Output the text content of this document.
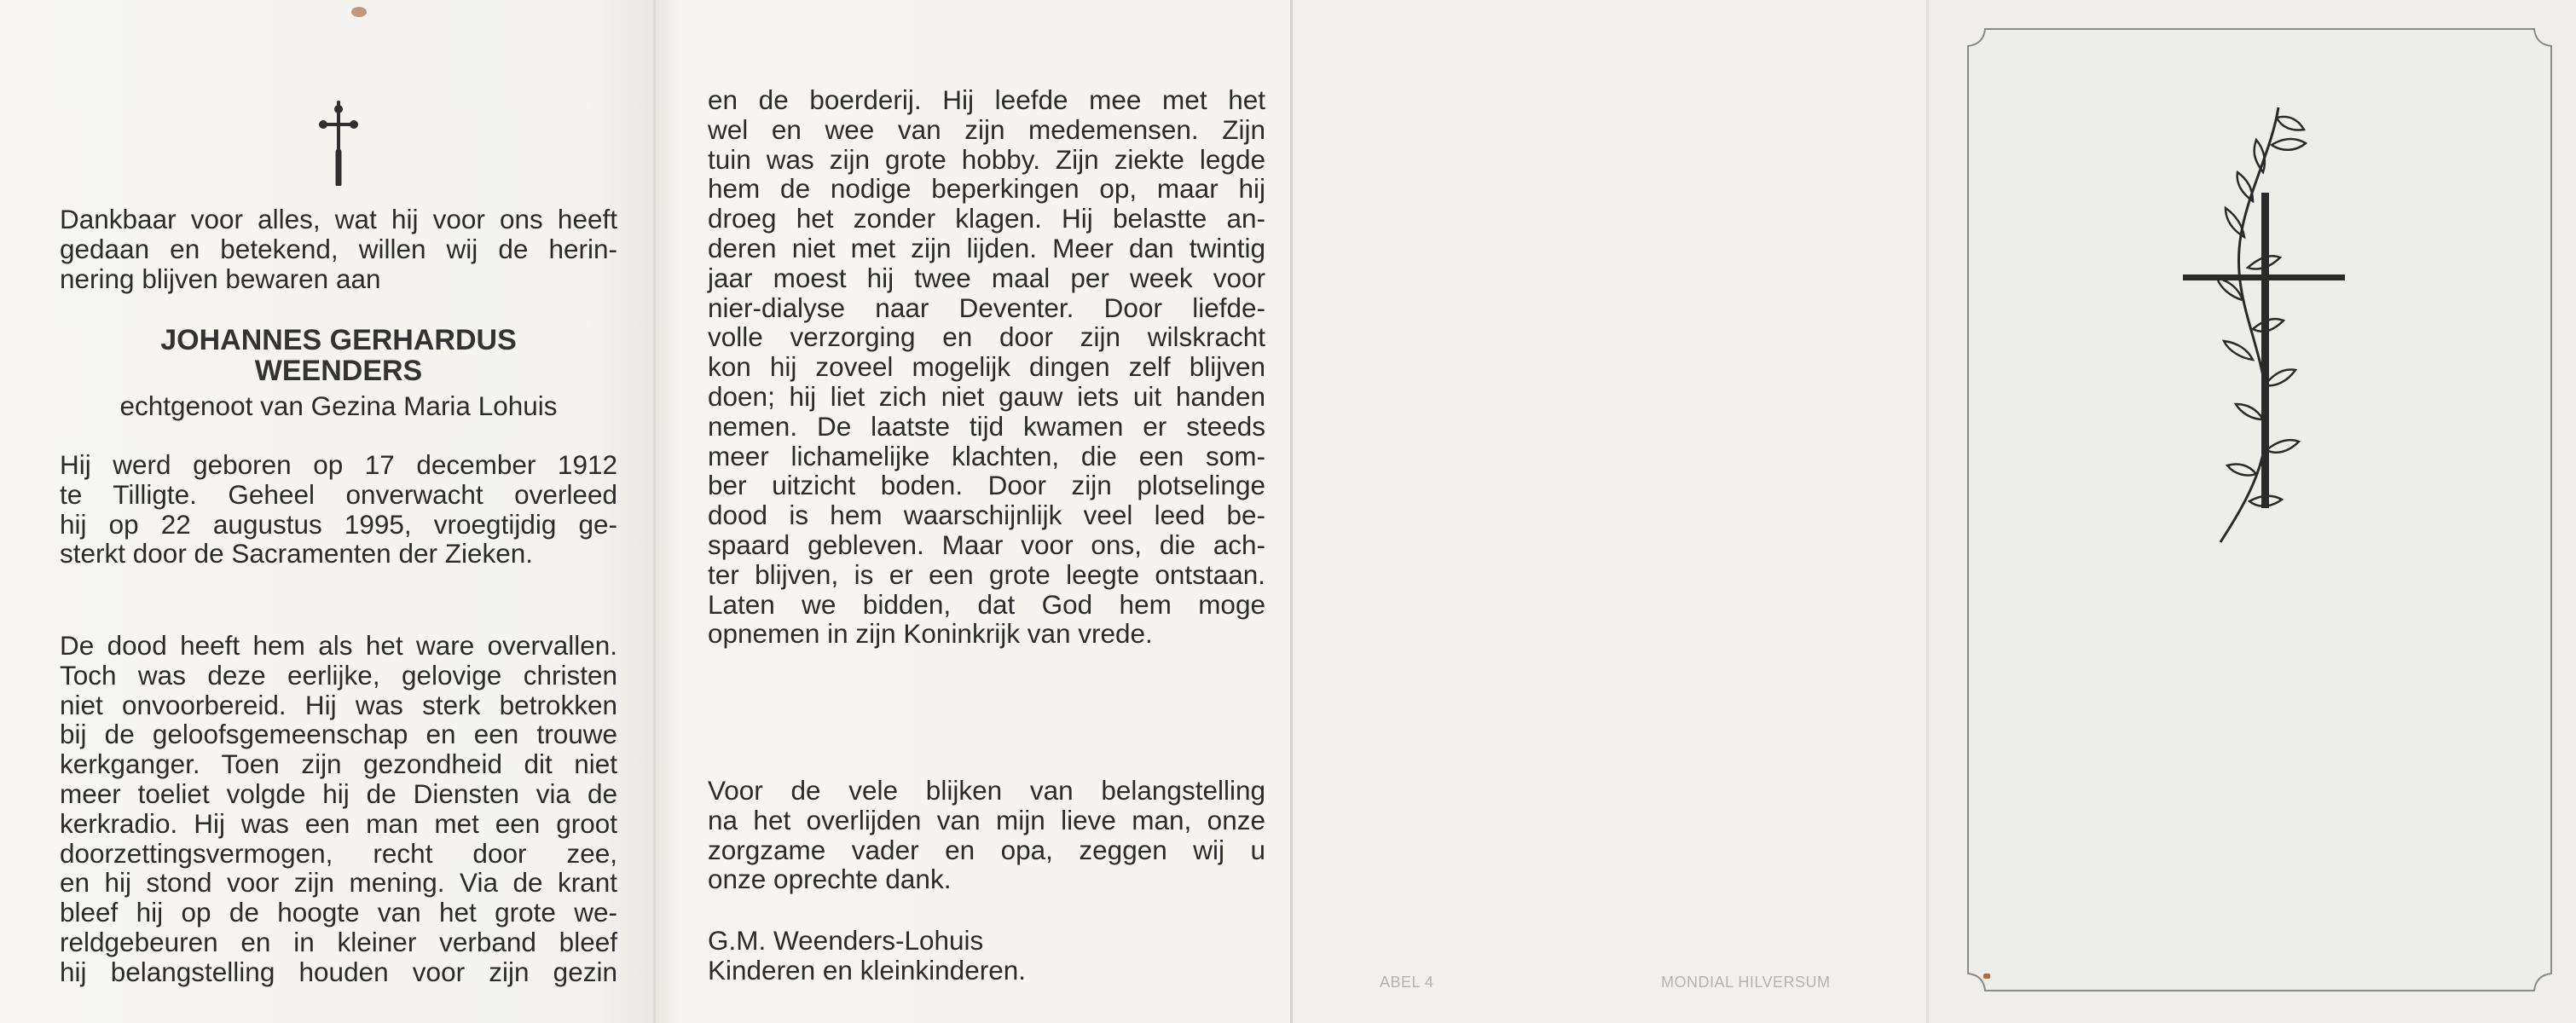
Dankbaar voor alles, wat hij voor ons heeft
gedaan en betekend, willen wij de herin-
nering blijven bewaren aan
JOHANNES GERHARDUS
WEENDERS
echtgenoot van Gezina Maria Lohuis
Hij werd geboren op 17 december 1912
te Tilligte. Geheel onverwacht overleed
hij op 22 augustus 1995, vroegtijdig ge-
sterkt door de Sacramenten der Zieken.
De dood heeft hem als het ware overvallen.
Toch was deze eerlijke, gelovige christen
niet onvoorbereid. Hij was sterk betrokken
bij de geloofsgemeenschap en een trouwe
kerkganger. Toen zijn gezondheid dit niet
meer toeliet volgde hij de Diensten via de
kerkradio. Hij was een man met een groot
doorzettingsvermogen, recht door zee,
en hij stond voor zijn mening. Via de krant
bleef hij op de hoogte van het grote we-
reldgebeuren en in kleiner verband bleef
hij belangstelling houden voor zijn gezin
en de boerderij. Hij leefde mee met het
wel en wee van zijn medemensen. Zijn
tuin was zijn grote hobby. Zijn ziekte legde
hem de nodige beperkingen op, maar hij
droeg het zonder klagen. Hij belastte an-
deren niet met zijn lijden. Meer dan twintig
jaar moest hij twee maal per week voor
nier-dialyse naar Deventer. Door liefde-
volle verzorging en door zijn wilskracht
kon hij zoveel mogelijk dingen zelf blijven
doen; hij liet zich niet gauw iets uit handen
nemen. De laatste tijd kwamen er steeds
meer lichamelijke klachten, die een som-
ber uitzicht boden. Door zijn plotselinge
dood is hem waarschijnlijk veel leed be-
spaard gebleven. Maar voor ons, die ach-
ter blijven, is er een grote leegte ontstaan.
Laten we bidden, dat God hem moge
opnemen in zijn Koninkrijk van vrede.
Voor de vele blijken van belangstelling
na het overlijden van mijn lieve man, onze
zorgzame vader en opa, zeggen wij u
onze oprechte dank.
G.M. Weenders-Lohuis
Kinderen en kleinkinderen.	ABEL 4	MONDIAL HILVERSUM
